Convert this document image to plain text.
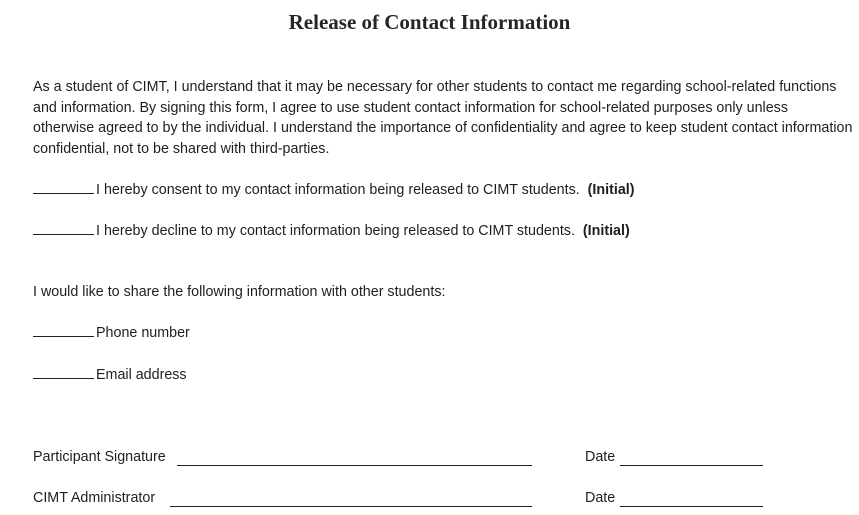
Release of Contact Information
As a student of CIMT, I understand that it may be necessary for other students to contact me regarding school-related functions and information. By signing this form, I agree to use student contact information for school-related purposes only unless otherwise agreed to by the individual. I understand the importance of confidentiality and agree to keep student contact information confidential, not to be shared with third-parties.
I hereby consent to my contact information being released to CIMT students. (Initial)
I hereby decline to my contact information being released to CIMT students. (Initial)
I would like to share the following information with other students:
Phone number
Email address
Participant Signature	Date
CIMT Administrator	Date
